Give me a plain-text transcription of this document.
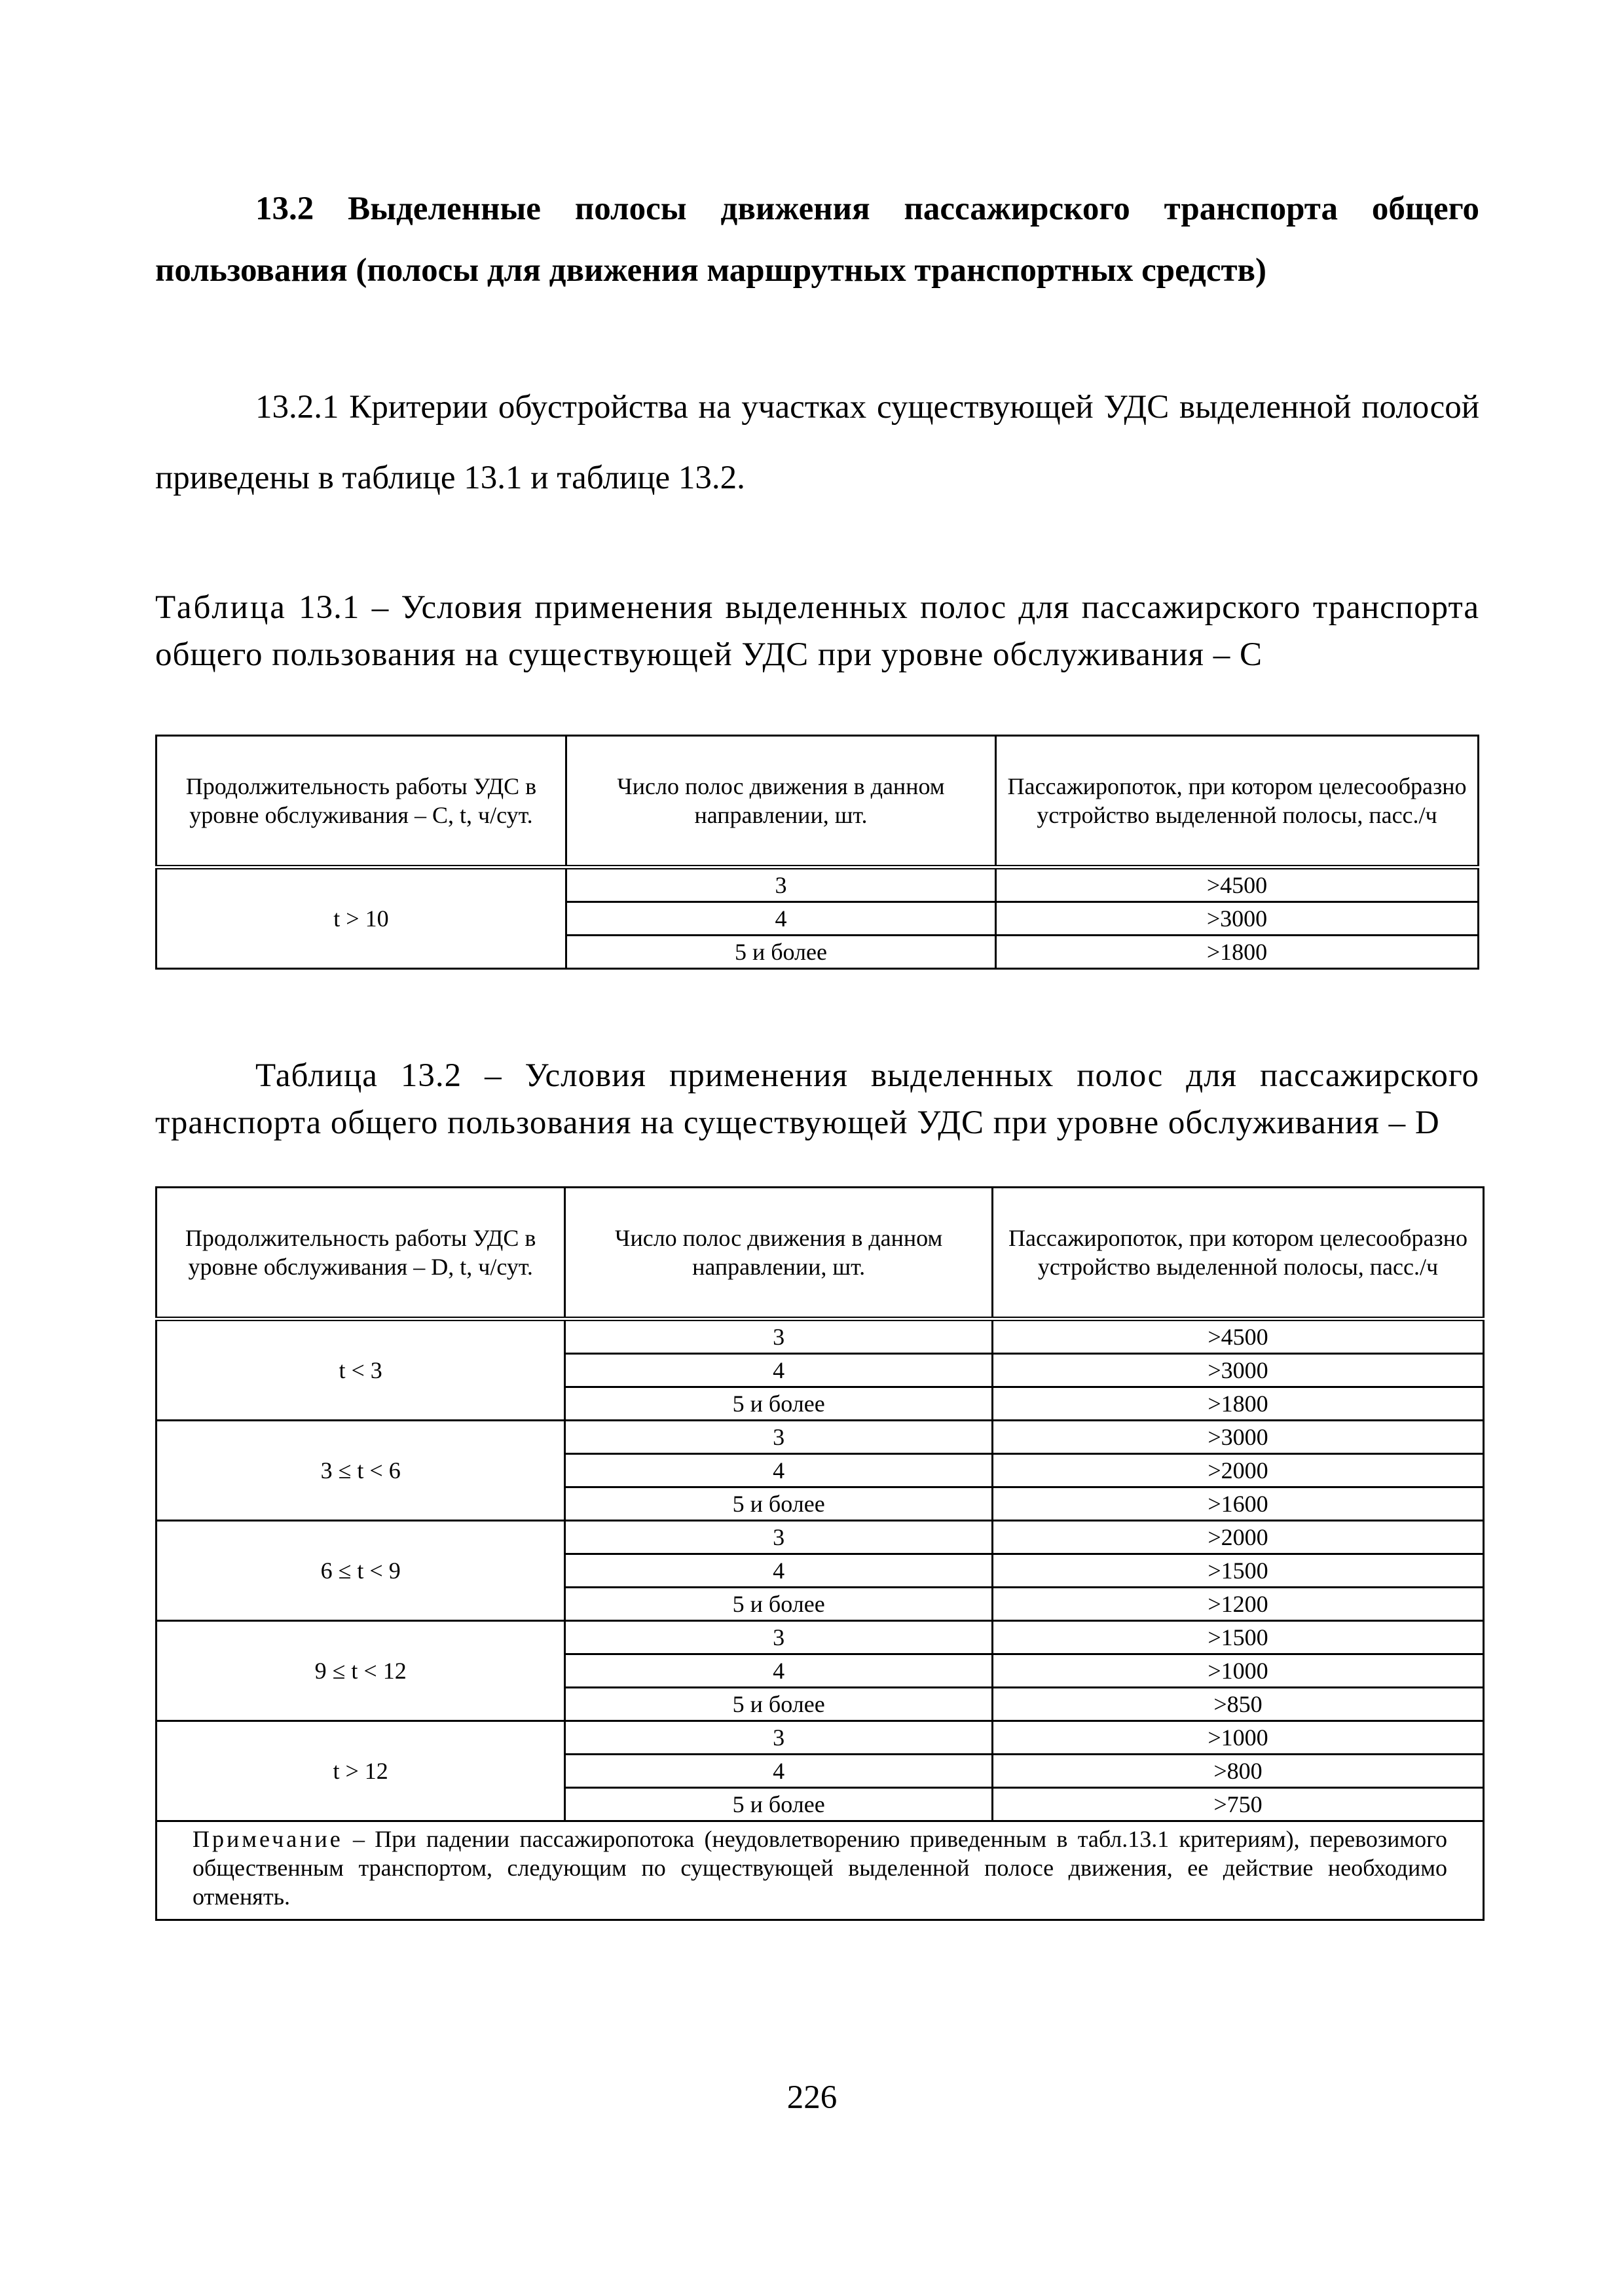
13.2 Выделенные полосы движения пассажирского транспорта общего пользования (полосы для движения маршрутных транспортных средств)
13.2.1 Критерии обустройства на участках существующей УДС выделенной полосой приведены в таблице 13.1 и таблице 13.2.
Таблица 13.1 – Условия применения выделенных полос для пассажирского транспорта общего пользования на существующей УДС при уровне обслуживания – С
Продолжительность работы УДС в уровне обслуживания – С, t, ч/сут.	Число полос движения в данном направлении, шт.	Пассажиропоток, при котором целесообразно устройство выделенной полосы, пасс./ч
t > 10	3	>4500
	4	>3000
	5 и более	>1800
Таблица 13.2 – Условия применения выделенных полос для пассажирского транспорта общего пользования на существующей УДС при уровне обслуживания – D
Продолжительность работы УДС в уровне обслуживания – D, t, ч/сут.	Число полос движения в данном направлении, шт.	Пассажиропоток, при котором целесообразно устройство выделенной полосы, пасс./ч
t < 3	3	>4500
	4	>3000
	5 и более	>1800
3 ≤ t < 6	3	>3000
	4	>2000
	5 и более	>1600
6 ≤ t < 9	3	>2000
	4	>1500
	5 и более	>1200
9 ≤ t < 12	3	>1500
	4	>1000
	5 и более	>850
t > 12	3	>1000
	4	>800
	5 и более	>750
Примечание – При падении пассажиропотока (неудовлетворению приведенным в табл.13.1 критериям), перевозимого общественным транспортом, следующим по существующей выделенной полосе движения, ее действие необходимо отменять.		
226
